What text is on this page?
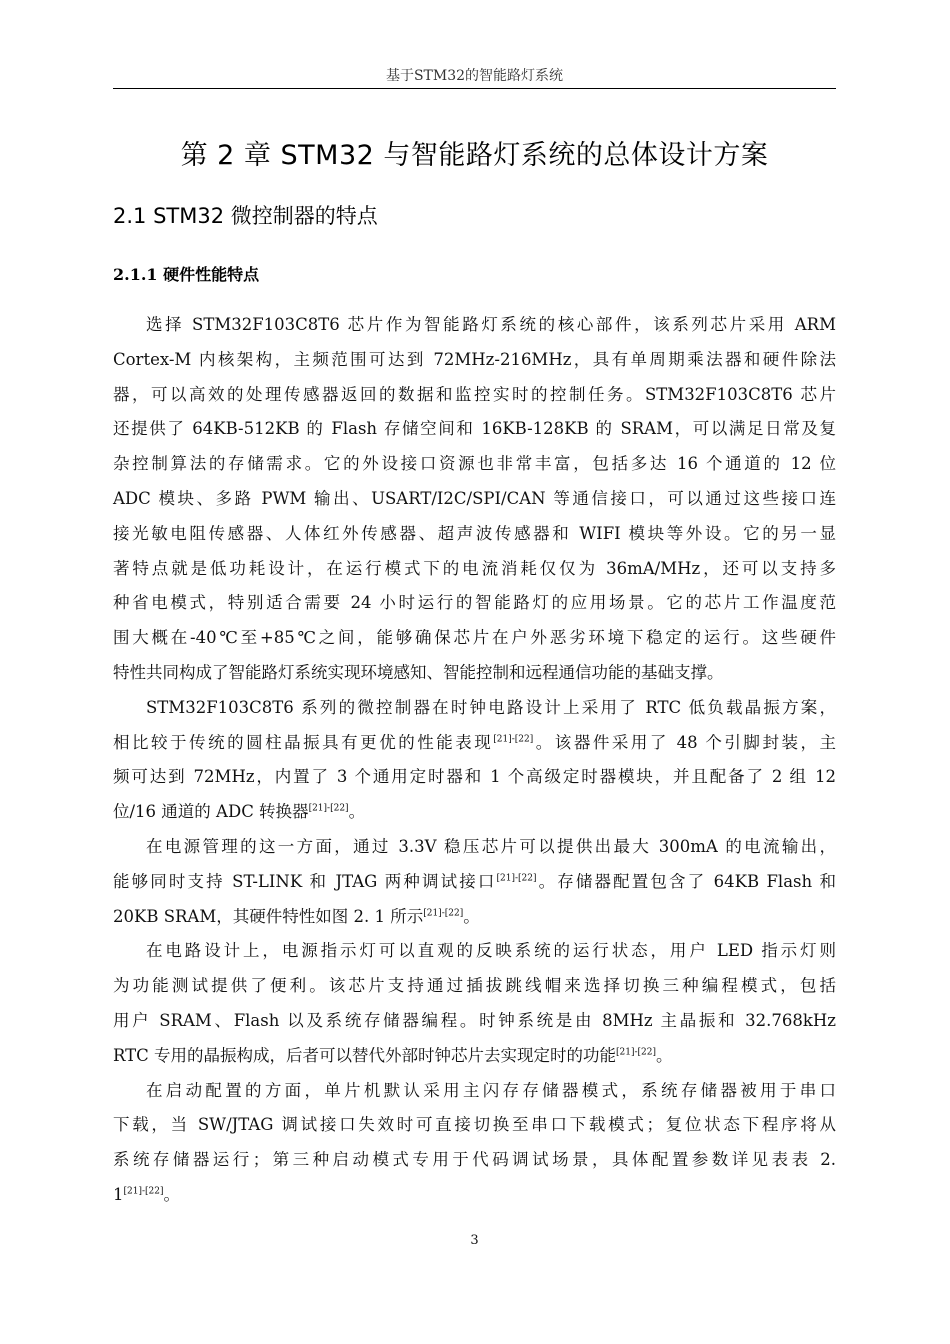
基于STM32的智能路灯系统
第 2 章 STM32 与智能路灯系统的总体设计方案
2.1 STM32 微控制器的特点
2.1.1 硬件性能特点
选择 STM32F103C8T6 芯片作为智能路灯系统的核心部件，该系列芯片采用 ARM
Cortex-M 内核架构，主频范围可达到 72MHz-216MHz，具有单周期乘法器和硬件除法
器，可以高效的处理传感器返回的数据和监控实时的控制任务。STM32F103C8T6 芯片
还提供了 64KB-512KB 的 Flash 存储空间和 16KB-128KB 的 SRAM，可以满足日常及复
杂控制算法的存储需求。它的外设接口资源也非常丰富，包括多达 16 个通道的 12 位
ADC 模块、多路 PWM 输出、USART/I2C/SPI/CAN 等通信接口，可以通过这些接口连
接光敏电阻传感器、人体红外传感器、超声波传感器和 WIFI 模块等外设。它的另一显
著特点就是低功耗设计，在运行模式下的电流消耗仅仅为 36mA/MHz，还可以支持多
种省电模式，特别适合需要 24 小时运行的智能路灯的应用场景。它的芯片工作温度范
围大概在-40℃至+85℃之间，能够确保芯片在户外恶劣环境下稳定的运行。这些硬件
特性共同构成了智能路灯系统实现环境感知、智能控制和远程通信功能的基础支撑。
STM32F103C8T6 系列的微控制器在时钟电路设计上采用了 RTC 低负载晶振方案，
相比较于传统的圆柱晶振具有更优的性能表现[21]-[22]。该器件采用了 48 个引脚封装，主
频可达到 72MHz，内置了 3 个通用定时器和 1 个高级定时器模块，并且配备了 2 组 12
位/16 通道的 ADC 转换器[21]-[22]。
在电源管理的这一方面，通过 3.3V 稳压芯片可以提供出最大 300mA 的电流输出，
能够同时支持 ST-LINK 和 JTAG 两种调试接口[21]-[22]。存储器配置包含了 64KB Flash 和
20KB SRAM，其硬件特性如图 2. 1 所示[21]-[22]。
在电路设计上，电源指示灯可以直观的反映系统的运行状态，用户 LED 指示灯则
为功能测试提供了便利。该芯片支持通过插拔跳线帽来选择切换三种编程模式，包括
用户 SRAM、Flash 以及系统存储器编程。时钟系统是由 8MHz 主晶振和 32.768kHz
RTC 专用的晶振构成，后者可以替代外部时钟芯片去实现定时的功能[21]-[22]。
在启动配置的方面，单片机默认采用主闪存存储器模式，系统存储器被用于串口
下载，当 SW/JTAG 调试接口失效时可直接切换至串口下载模式；复位状态下程序将从
系统存储器运行；第三种启动模式专用于代码调试场景，具体配置参数详见表表 2.
1[21]-[22]。
3
